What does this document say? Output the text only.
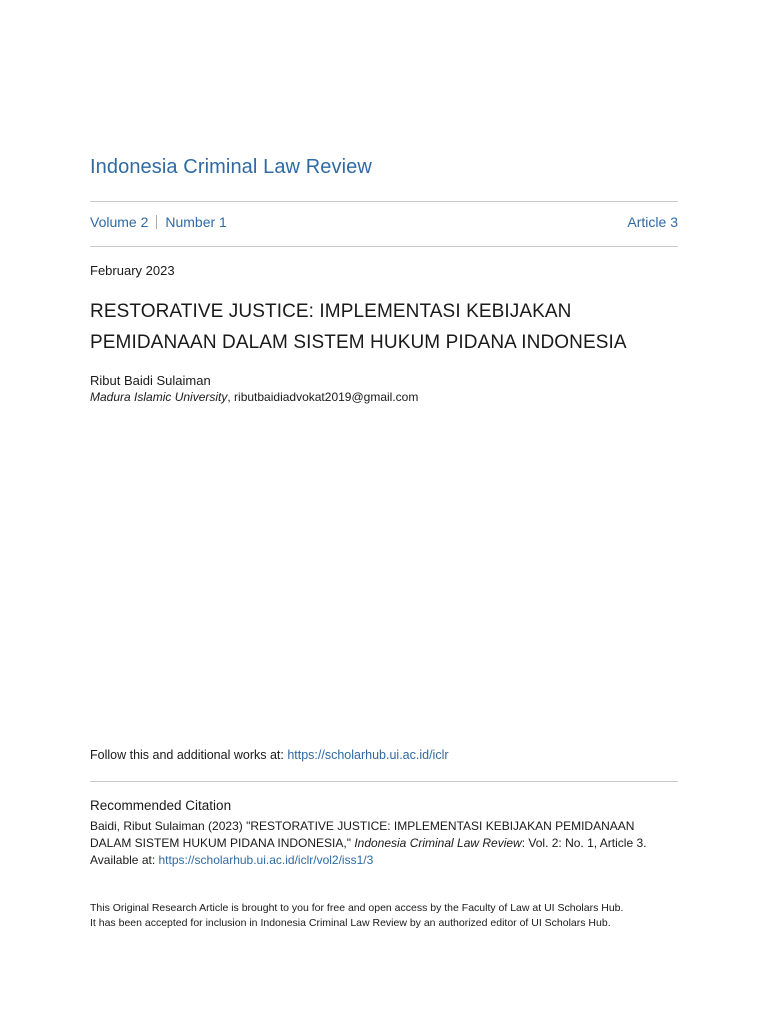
Indonesia Criminal Law Review
Volume 2 Number 1	Article 3
February 2023
RESTORATIVE JUSTICE: IMPLEMENTASI KEBIJAKAN
PEMIDANAAN DALAM SISTEM HUKUM PIDANA INDONESIA
Ribut Baidi Sulaiman
Madura Islamic University, ributbaidiadvokat2019@gmail.com
Follow this and additional works at: https://scholarhub.ui.ac.id/iclr
Recommended Citation
Baidi, Ribut Sulaiman (2023) "RESTORATIVE JUSTICE: IMPLEMENTASI KEBIJAKAN PEMIDANAAN
DALAM SISTEM HUKUM PIDANA INDONESIA," Indonesia Criminal Law Review: Vol. 2: No. 1, Article 3.
Available at: https://scholarhub.ui.ac.id/iclr/vol2/iss1/3
This Original Research Article is brought to you for free and open access by the Faculty of Law at UI Scholars Hub.
It has been accepted for inclusion in Indonesia Criminal Law Review by an authorized editor of UI Scholars Hub.
